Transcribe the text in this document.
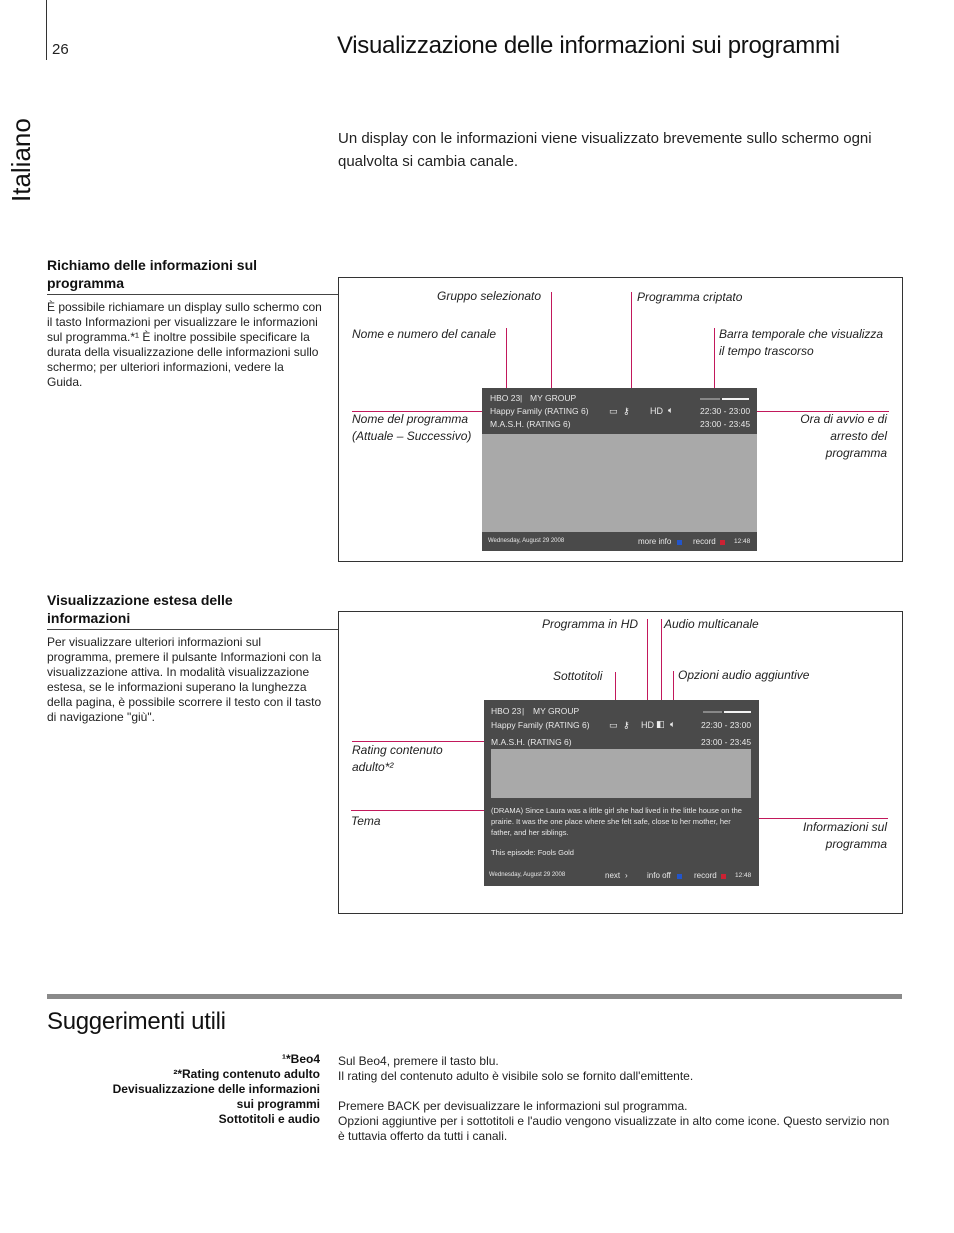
26	Visualizzazione delle informazioni sui programmi
Italiano	Un display con le informazioni viene visualizzato brevemente sullo schermo ogni qualvolta si cambia canale.
Richiamo delle informazioni sul programma
È possibile richiamare un display sullo schermo con il tasto Informazioni per visualizzare le informazioni sul programma.*¹ È inoltre possibile specificare la durata della visualizzazione delle informazioni sullo schermo; per ulteriori informazioni, vedere la Guida.
Gruppo selezionato	Programma criptato
Nome e numero del canale	Barra temporale che visualizza il tempo trascorso
Nome del programma (Attuale – Successivo)
Ora di avvio e di arresto del programma
HBO 23 | MY GROUP
Happy Family (RATING 6)
M.A.S.H. (RATING 6)
▭ ⚷ HD 🔈︎	22:30 - 23:00
23:00 - 23:45
Wednesday, August 29 2008	more info	record	12:48
Visualizzazione estesa delle informazioni
Per visualizzare ulteriori informazioni sul programma, premere il pulsante Informazioni con la visualizzazione attiva. In modalità visualizzazione estesa, se le informazioni superano la lunghezza della pagina, è possibile scorrere il testo con il tasto di navigazione "giù".
Programma in HD	Audio multicanale
Sottotitoli	Opzioni audio aggiuntive
Rating contenuto adulto*²
Tema	Informazioni sul programma
HBO 23 | MY GROUP
Happy Family (RATING 6)
M.A.S.H. (RATING 6)
▭ ⚷ HD ◧ 🔈︎	22:30 - 23:00
23:00 - 23:45
(DRAMA) Since Laura was a little girl she had lived in the little house on the prairie. It was the one place where she felt safe, close to her mother, her father, and her siblings.
This episode: Fools Gold
Wednesday, August 29 2008	next › info off	record	12:48
Suggerimenti utili
¹*Beo4
²*Rating contenuto adulto
Devisualizzazione delle informazioni
sui programmi
Sottotitoli e audio
Sul Beo4, premere il tasto blu.
Il rating del contenuto adulto è visibile solo se fornito dall'emittente.
Premere BACK per devisualizzare le informazioni sul programma.
Opzioni aggiuntive per i sottotitoli e l'audio vengono visualizzate in alto come icone. Questo servizio non è tuttavia offerto da tutti i canali.
